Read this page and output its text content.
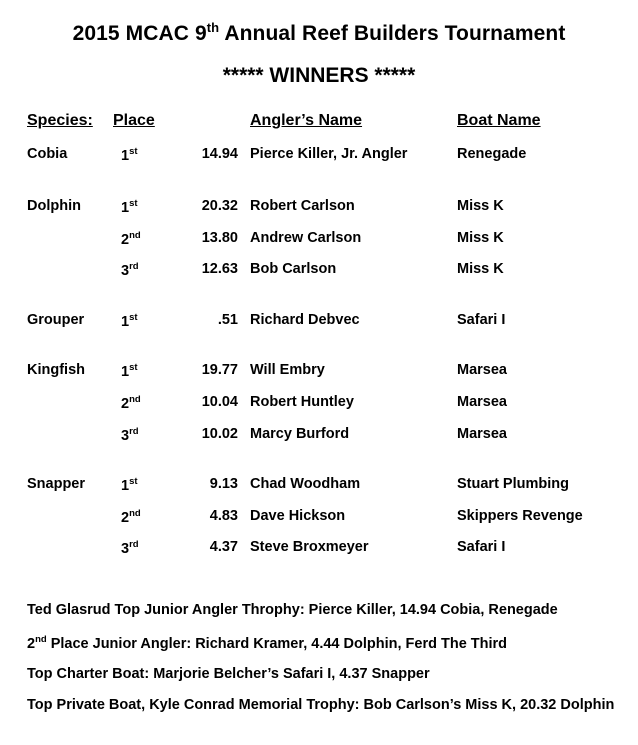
2015 MCAC 9th Annual Reef Builders Tournament
***** WINNERS *****
Species: Place	Angler’s Name	Boat Name
Cobia	1st	14.94 Pierce Killer, Jr. Angler	Renegade
Dolphin	1st	20.32 Robert Carlson	Miss K
2nd	13.80 Andrew Carlson	Miss K
3rd	12.63 Bob Carlson	Miss K
Grouper	1st	.51 Richard Debvec	Safari I
Kingfish 1st	19.77 Will Embry	Marsea
2nd	10.04 Robert Huntley	Marsea
3rd	10.02 Marcy Burford	Marsea
Snapper 1st	9.13 Chad Woodham	Stuart Plumbing
2nd	4.83 Dave Hickson	Skippers Revenge
3rd	4.37 Steve Broxmeyer	Safari I
Ted Glasrud Top Junior Angler Throphy: Pierce Killer, 14.94 Cobia, Renegade
2nd Place Junior Angler: Richard Kramer, 4.44 Dolphin, Ferd The Third
Top Charter Boat: Marjorie Belcher’s Safari I, 4.37 Snapper
Top Private Boat, Kyle Conrad Memorial Trophy: Bob Carlson’s Miss K, 20.32 Dolphin
